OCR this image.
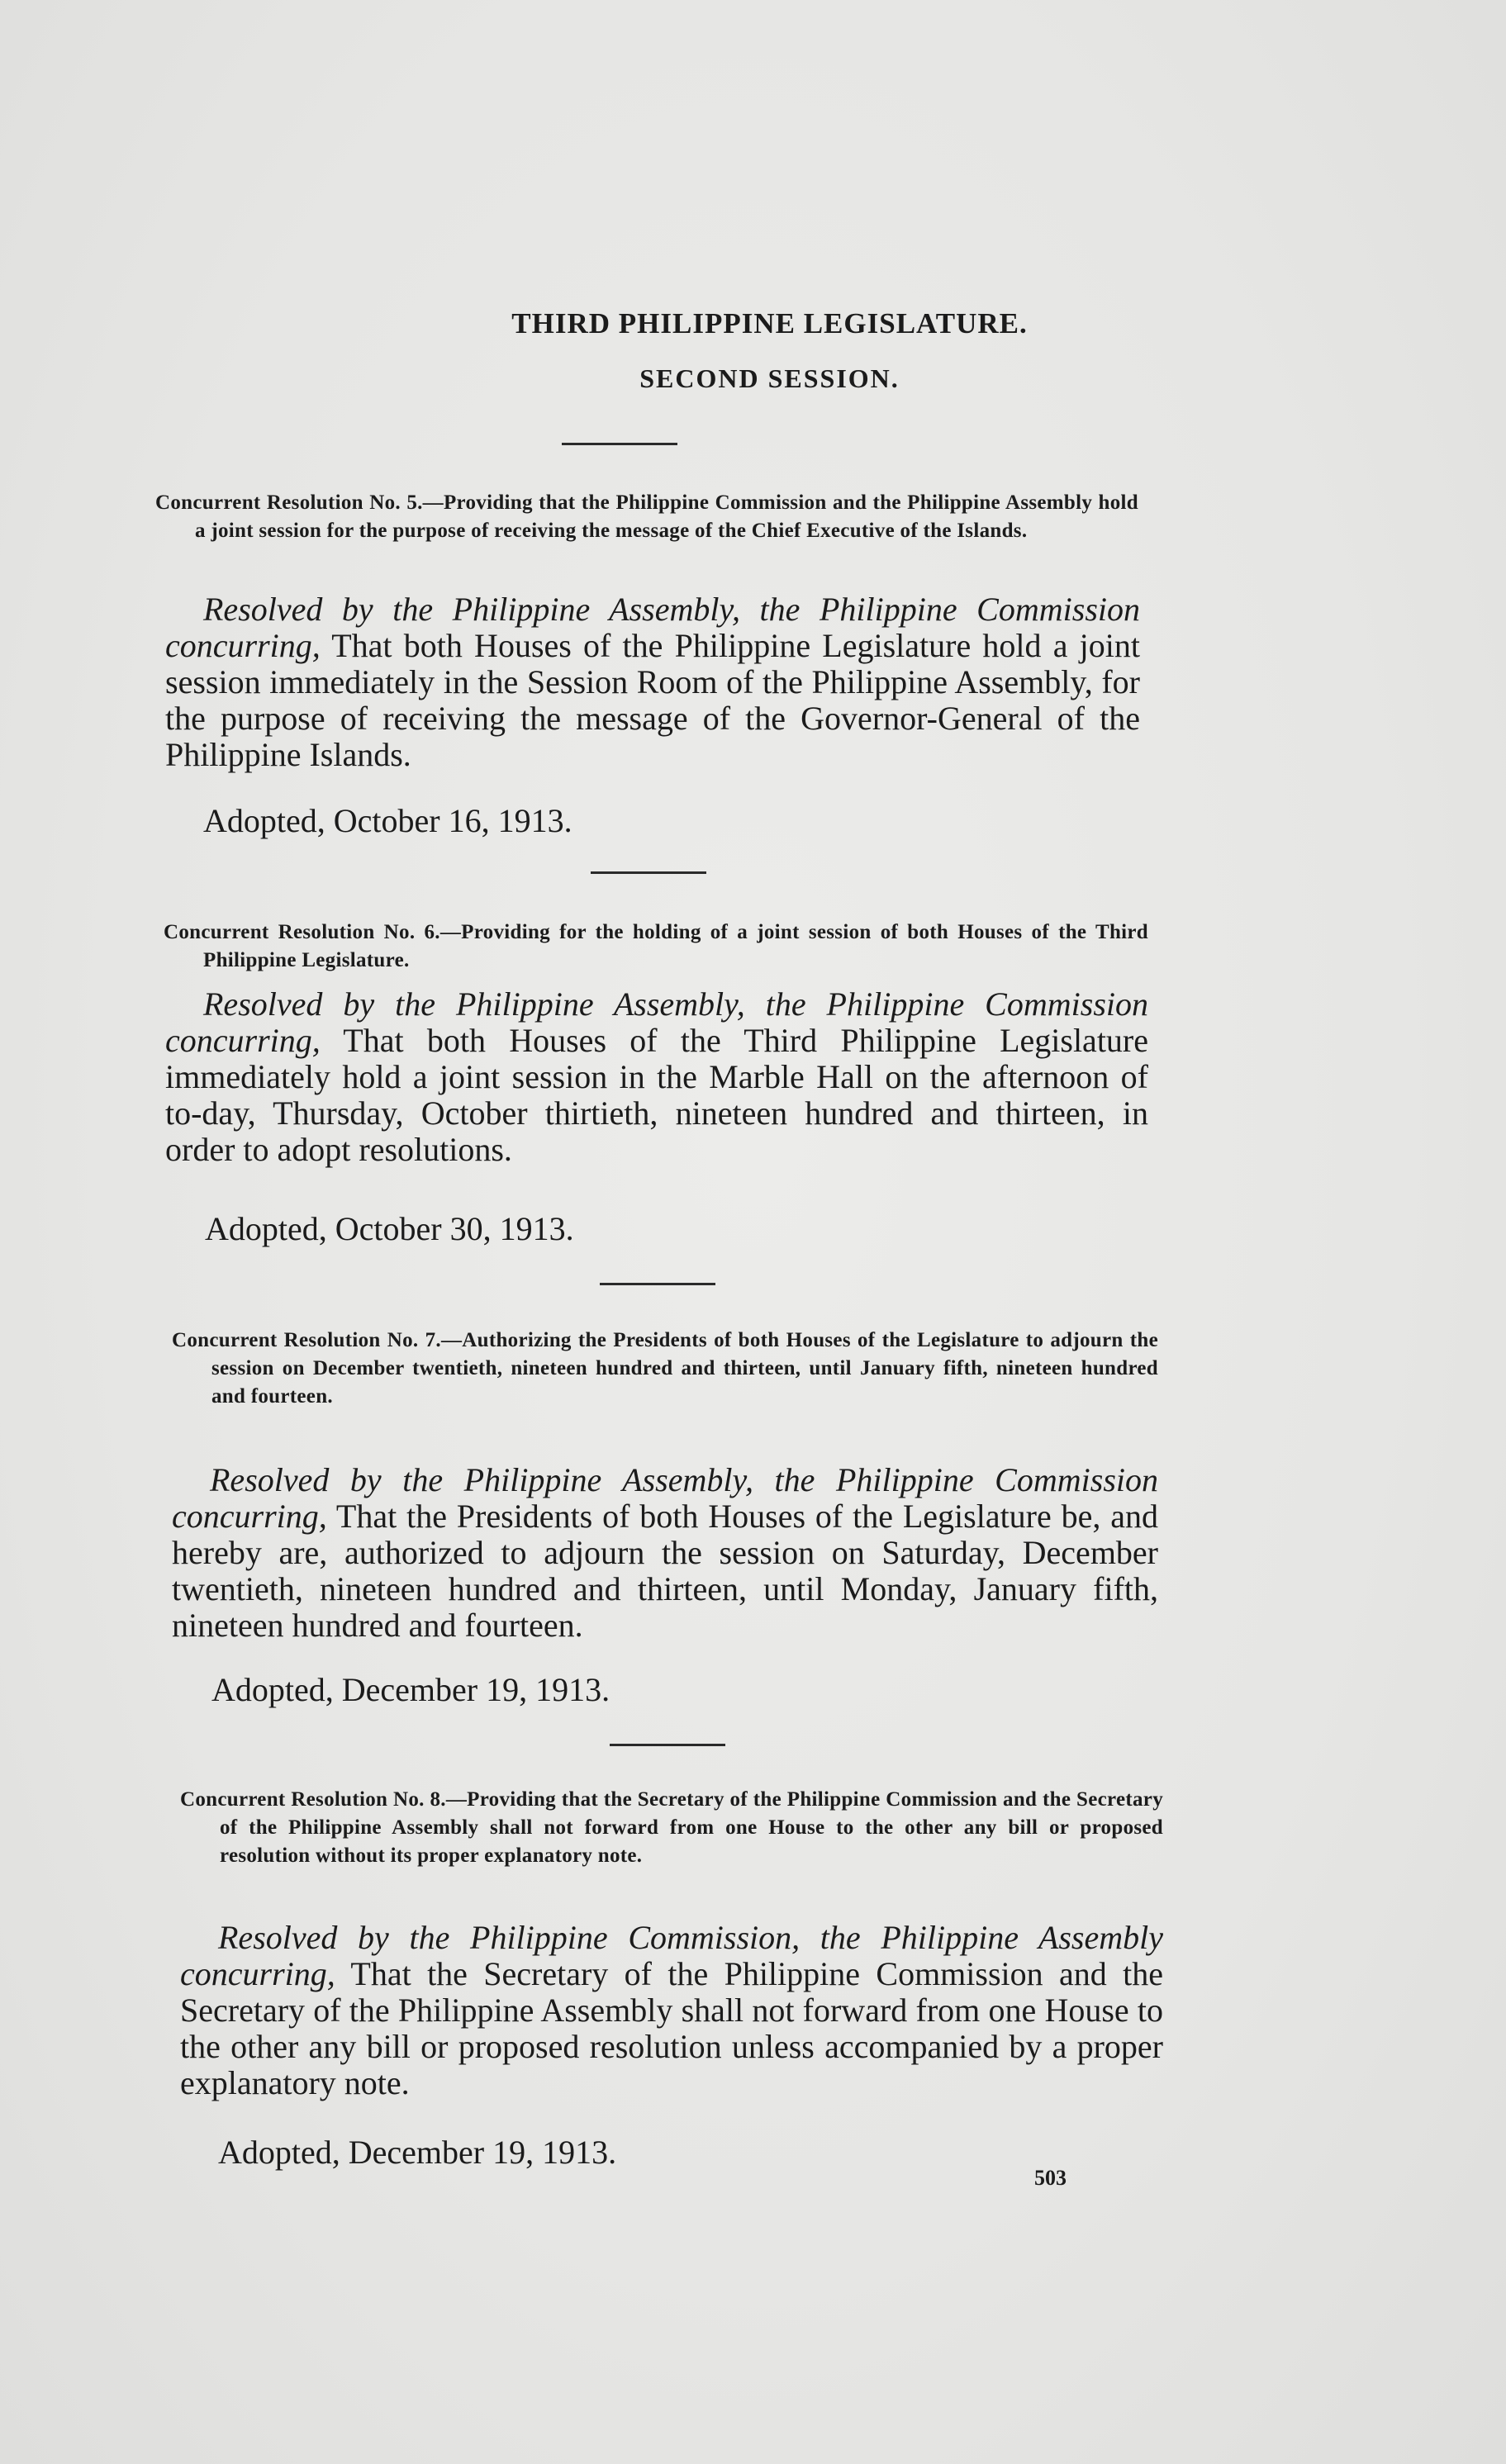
THIRD PHILIPPINE LEGISLATURE.
SECOND SESSION.

Concurrent Resolution No. 5.—Providing that the Philippine Commission and the Philippine Assembly hold a joint session for the purpose of receiving the message of the Chief Executive of the Islands.

Resolved by the Philippine Assembly, the Philippine Commission concurring, That both Houses of the Philippine Legislature hold a joint session immediately in the Session Room of the Philippine Assembly, for the purpose of receiving the message of the Governor-General of the Philippine Islands.

Adopted, October 16, 1913.

Concurrent Resolution No. 6.—Providing for the holding of a joint session of both Houses of the Third Philippine Legislature.

Resolved by the Philippine Assembly, the Philippine Commission concurring, That both Houses of the Third Philippine Legislature immediately hold a joint session in the Marble Hall on the afternoon of to-day, Thursday, October thirtieth, nineteen hundred and thirteen, in order to adopt resolutions.

Adopted, October 30, 1913.

Concurrent Resolution No. 7.—Authorizing the Presidents of both Houses of the Legislature to adjourn the session on December twentieth, nineteen hundred and thirteen, until January fifth, nineteen hundred and fourteen.

Resolved by the Philippine Assembly, the Philippine Commission concurring, That the Presidents of both Houses of the Legislature be, and hereby are, authorized to adjourn the session on Saturday, December twentieth, nineteen hundred and thirteen, until Monday, January fifth, nineteen hundred and fourteen.

Adopted, December 19, 1913.

Concurrent Resolution No. 8.—Providing that the Secretary of the Philippine Commission and the Secretary of the Philippine Assembly shall not forward from one House to the other any bill or proposed resolution without its proper explanatory note.

Resolved by the Philippine Commission, the Philippine Assembly concurring, That the Secretary of the Philippine Commission and the Secretary of the Philippine Assembly shall not forward from one House to the other any bill or proposed resolution unless accompanied by a proper explanatory note.

Adopted, December 19, 1913.

503
